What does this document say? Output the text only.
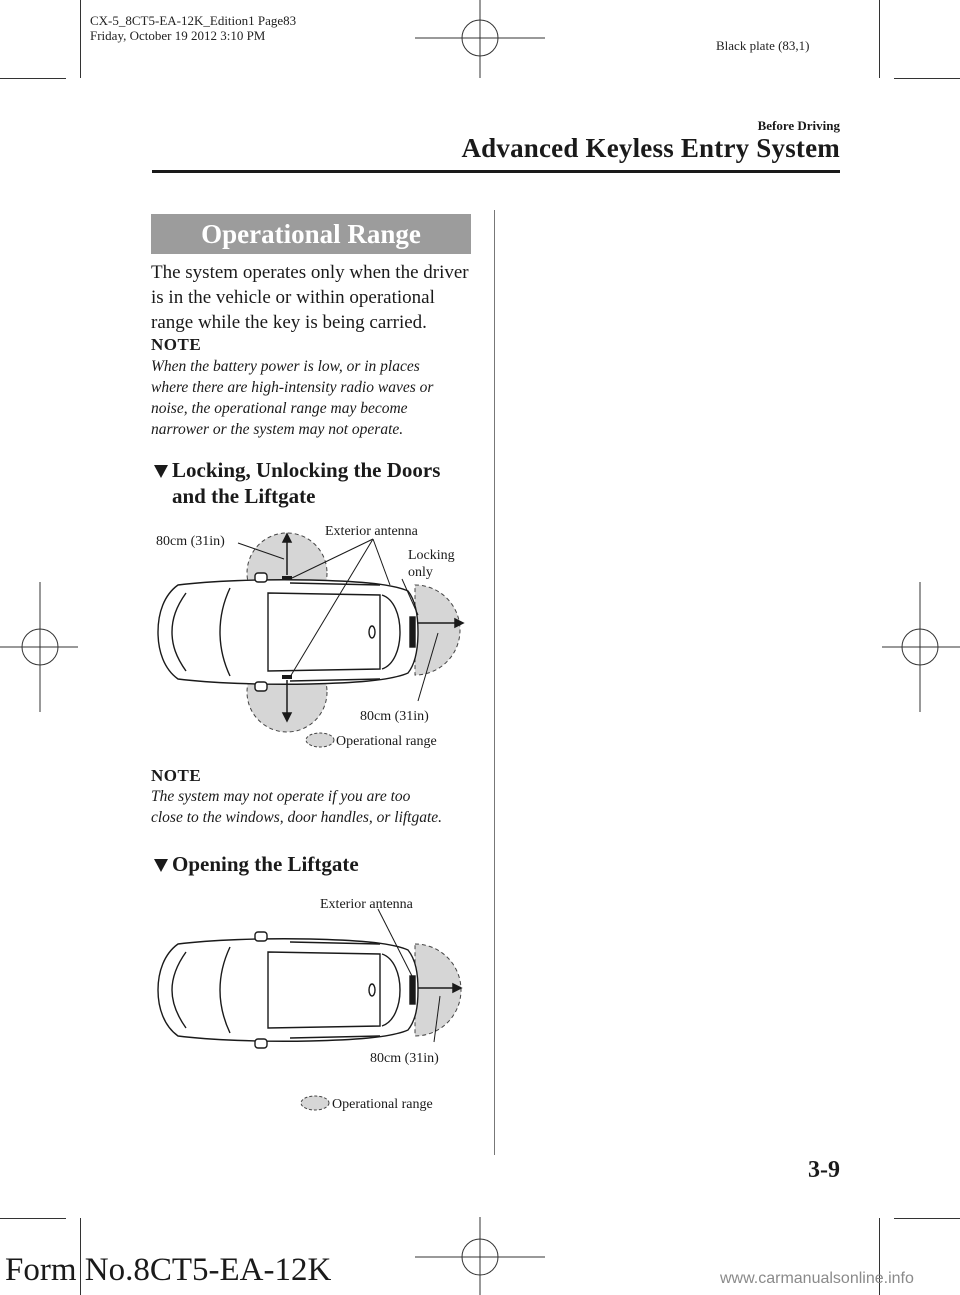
CX-5_8CT5-EA-12K_Edition1 Page83
Friday, October 19 2012 3:10 PM
Black plate (83,1)
Before Driving
Advanced Keyless Entry System
Operational Range
The system operates only when the driver
is in the vehicle or within operational
range while the key is being carried.
NOTE
When the battery power is low, or in places
where there are high-intensity radio waves or
noise, the operational range may become
narrower or the system may not operate.
Locking, Unlocking the Doors
and the Liftgate
80cm (31in)
Exterior antenna
Locking
only
80cm (31in)
Operational range
NOTE
The system may not operate if you are too
close to the windows, door handles, or liftgate.
Opening the Liftgate
Exterior antenna
80cm (31in)
Operational range
3-9
Form No.8CT5-EA-12K	www.carmanualsonline.info
